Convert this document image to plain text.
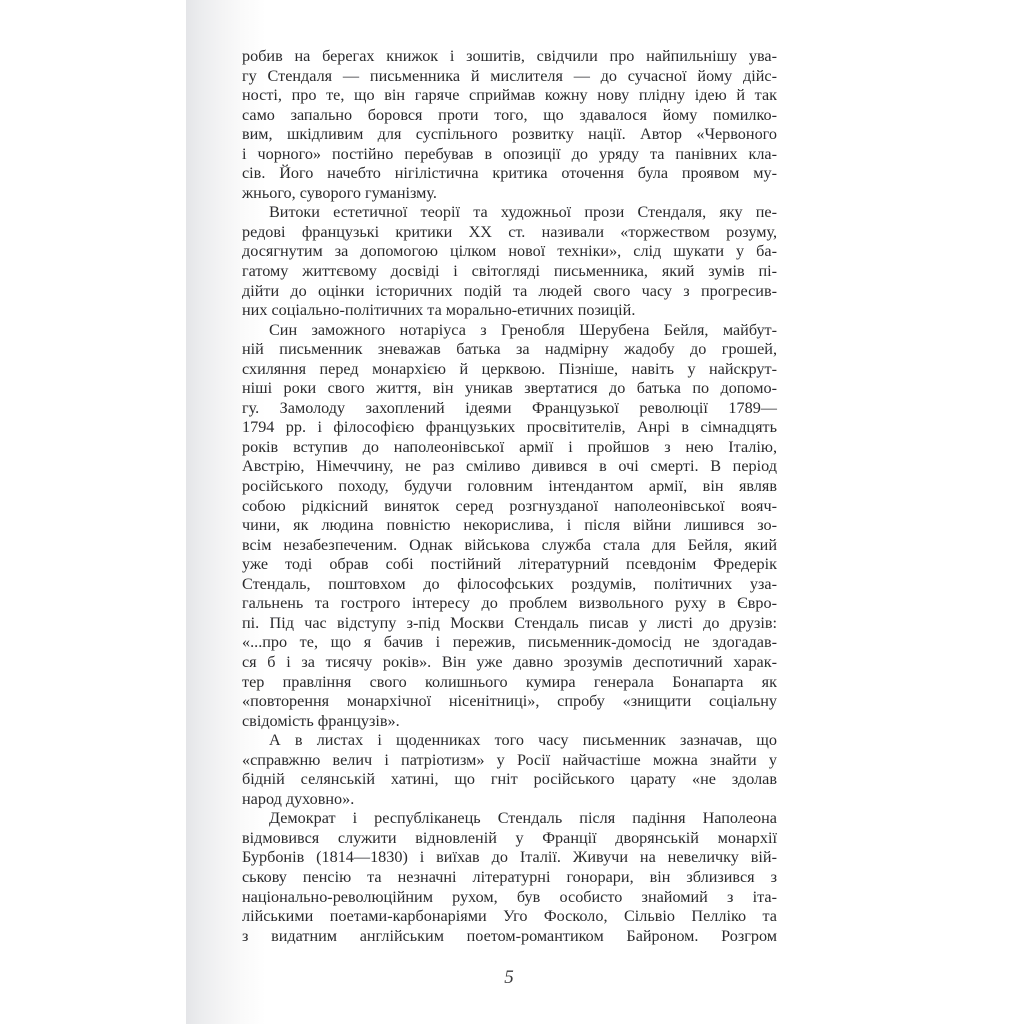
робив на берегах книжок і зошитів, свідчили про найпильнішу ува-
гу Стендаля — письменника й мислителя — до сучасної йому дійс-
ності, про те, що він гаряче сприймав кожну нову плідну ідею й так
само запально боровся проти того, що здавалося йому помилко-
вим, шкідливим для суспільного розвитку нації. Автор «Червоного
і чорного» постійно перебував в опозиції до уряду та панівних кла-
сів. Його начебто нігілістична критика оточення була проявом му-
жнього, суворого гуманізму.
Витоки естетичної теорії та художньої прози Стендаля, яку пе-
редові французькі критики XX ст. називали «торжеством розуму,
досягнутим за допомогою цілком нової техніки», слід шукати у ба-
гатому життєвому досвіді і світогляді письменника, який зумів пі-
дійти до оцінки історичних подій та людей свого часу з прогресив-
них соціально-політичних та морально-етичних позицій.
Син заможного нотаріуса з Гренобля Шерубена Бейля, майбут-
ній письменник зневажав батька за надмірну жадобу до грошей,
схиляння перед монархією й церквою. Пізніше, навіть у найскрут-
ніші роки свого життя, він уникав звертатися до батька по допомо-
гу. Замолоду захоплений ідеями Французької революції 1789—
1794 рр. і філософією французьких просвітителів, Анрі в сімнадцять
років вступив до наполеонівської армії і пройшов з нею Італію,
Австрію, Німеччину, не раз сміливо дивився в очі смерті. В період
російського походу, будучи головним інтендантом армії, він являв
собою рідкісний виняток серед розгнузданої наполеонівської вояч-
чини, як людина повністю некорислива, і після війни лишився зо-
всім незабезпеченим. Однак військова служба стала для Бейля, який
уже тоді обрав собі постійний літературний псевдонім Фредерік
Стендаль, поштовхом до філософських роздумів, політичних уза-
гальнень та гострого інтересу до проблем визвольного руху в Євро-
пі. Під час відступу з-під Москви Стендаль писав у листі до друзів:
«...про те, що я бачив і пережив, письменник-домосід не здогадав-
ся б і за тисячу років». Він уже давно зрозумів деспотичний харак-
тер правління свого колишнього кумира генерала Бонапарта як
«повторення монархічної нісенітниці», спробу «знищити соціальну
свідомість французів».
А в листах і щоденниках того часу письменник зазначав, що
«справжню велич і патріотизм» у Росії найчастіше можна знайти у
бідній селянській хатині, що гніт російського царату «не здолав
народ духовно».
Демократ і республіканець Стендаль після падіння Наполеона
відмовився служити відновленій у Франції дворянській монархії
Бурбонів (1814—1830) і виїхав до Італії. Живучи на невеличку вій-
ськову пенсію та незначні літературні гонорари, він зблизився з
національно-революційним рухом, був особисто знайомий з іта-
лійськими поетами-карбонаріями Уго Фосколо, Сільвіо Пелліко та
з видатним англійським поетом-романтиком Байроном. Розгром
5
